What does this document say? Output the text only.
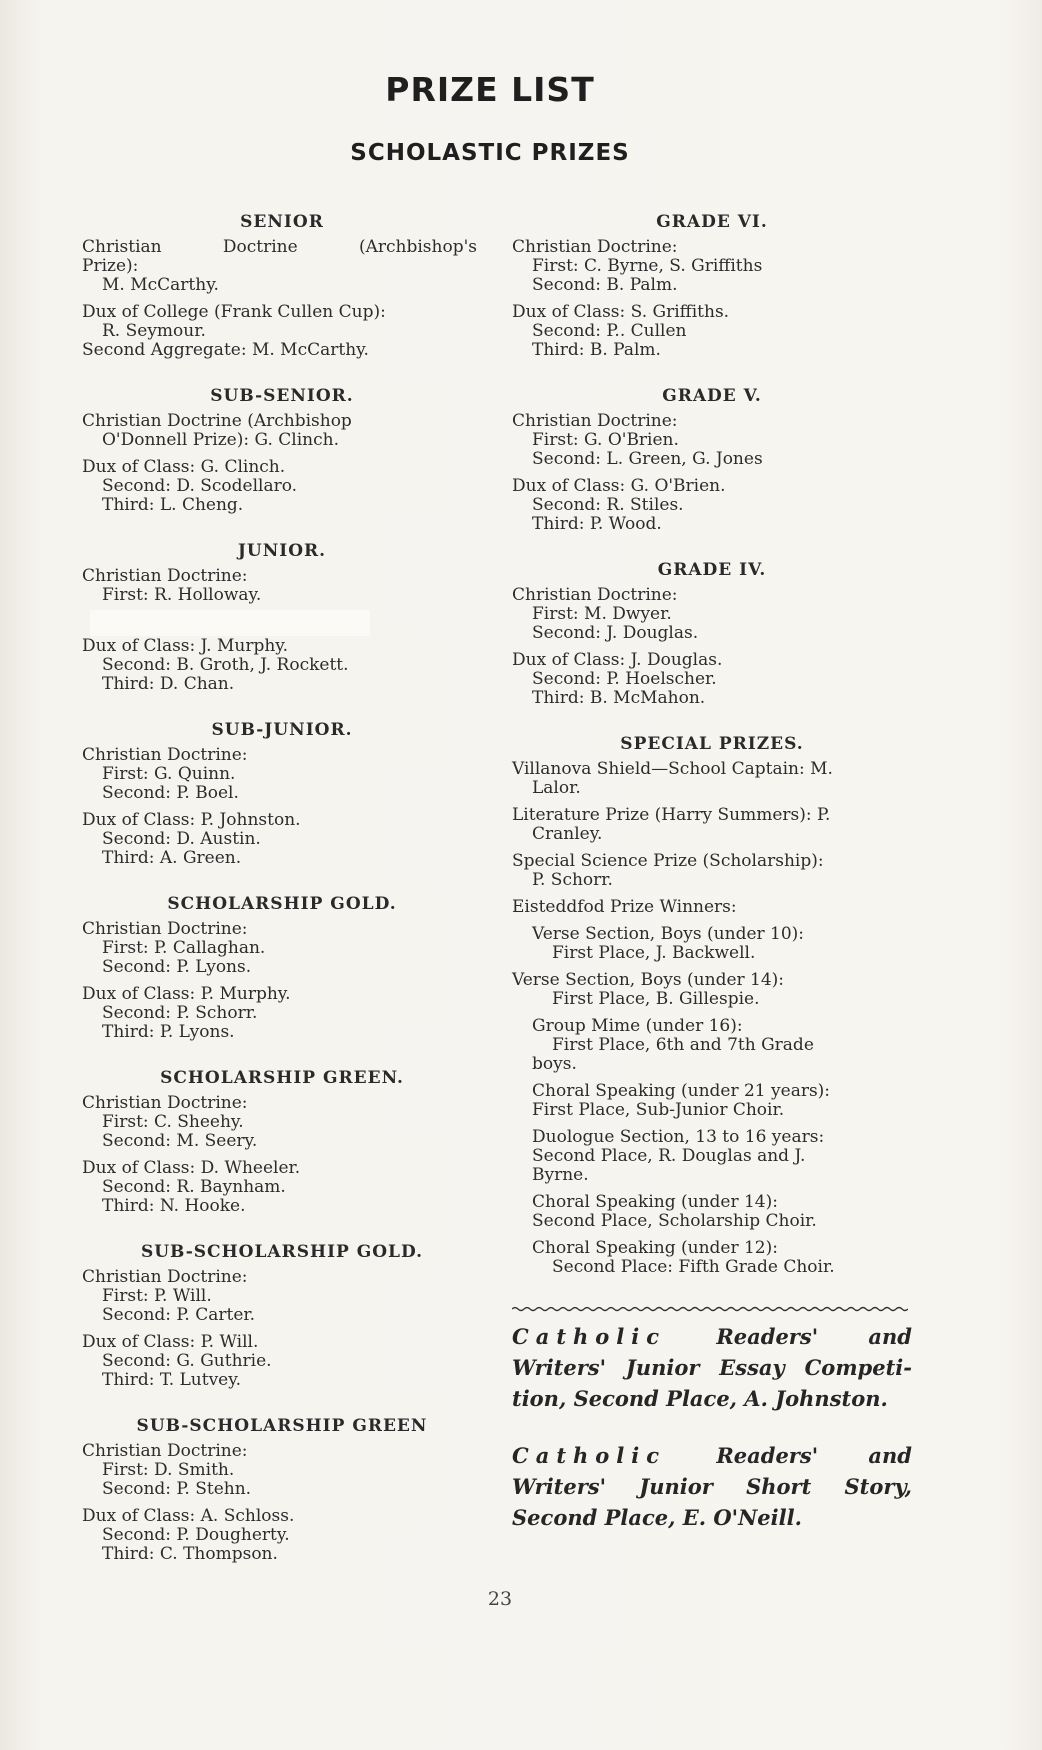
PRIZE LIST
SCHOLASTIC PRIZES
SENIOR
Christian	Doctrine	(Archbishop's
Prize):
M. McCarthy.
Dux of College (Frank Cullen Cup):
R. Seymour.
Second Aggregate: M. McCarthy.
SUB-SENIOR.
Christian Doctrine (Archbishop
O'Donnell Prize): G. Clinch.
Dux of Class: G. Clinch.
Second: D. Scodellaro.
Third: L. Cheng.
JUNIOR.
Christian Doctrine:
First: R. Holloway.
Dux of Class: J. Murphy.
Second: B. Groth, J. Rockett.
Third: D. Chan.
SUB-JUNIOR.
Christian Doctrine:
First: G. Quinn.
Second: P. Boel.
Dux of Class: P. Johnston.
Second: D. Austin.
Third: A. Green.
SCHOLARSHIP GOLD.
Christian Doctrine:
First: P. Callaghan.
Second: P. Lyons.
Dux of Class: P. Murphy.
Second: P. Schorr.
Third: P. Lyons.
SCHOLARSHIP GREEN.
Christian Doctrine:
First: C. Sheehy.
Second: M. Seery.
Dux of Class: D. Wheeler.
Second: R. Baynham.
Third: N. Hooke.
SUB-SCHOLARSHIP GOLD.
Christian Doctrine:
First: P. Will.
Second: P. Carter.
Dux of Class: P. Will.
Second: G. Guthrie.
Third: T. Lutvey.
SUB-SCHOLARSHIP GREEN
Christian Doctrine:
First: D. Smith.
Second: P. Stehn.
Dux of Class: A. Schloss.
Second: P. Dougherty.
Third: C. Thompson.
GRADE VI.
Christian Doctrine:
First: C. Byrne, S. Griffiths
Second: B. Palm.
Dux of Class: S. Griffiths.
Second: P.. Cullen
Third: B. Palm.
GRADE V.
Christian Doctrine:
First: G. O'Brien.
Second: L. Green, G. Jones
Dux of Class: G. O'Brien.
Second: R. Stiles.
Third: P. Wood.
GRADE IV.
Christian Doctrine:
First: M. Dwyer.
Second: J. Douglas.
Dux of Class: J. Douglas.
Second: P. Hoelscher.
Third: B. McMahon.
SPECIAL PRIZES.
Villanova Shield—School Captain: M.
Lalor.
Literature Prize (Harry Summers): P.
Cranley.
Special Science Prize (Scholarship):
P. Schorr.
Eisteddfod Prize Winners:
Verse Section, Boys (under 10):
First Place, J. Backwell.
Verse Section, Boys (under 14):
First Place, B. Gillespie.
Group Mime (under 16):
First Place, 6th and 7th Grade
boys.
Choral Speaking (under 21 years):
First Place, Sub-Junior Choir.
Duologue Section, 13 to 16 years:
Second Place, R. Douglas and J.
Byrne.
Choral Speaking (under 14):
Second Place, Scholarship Choir.
Choral Speaking (under 12):
Second Place: Fifth Grade Choir.
Catholic Readers' and
Writers' Junior Essay Competi-
tion, Second Place, A. Johnston.
Catholic Readers' and
Writers' Junior Short Story,
Second Place, E. O'Neill.
23
